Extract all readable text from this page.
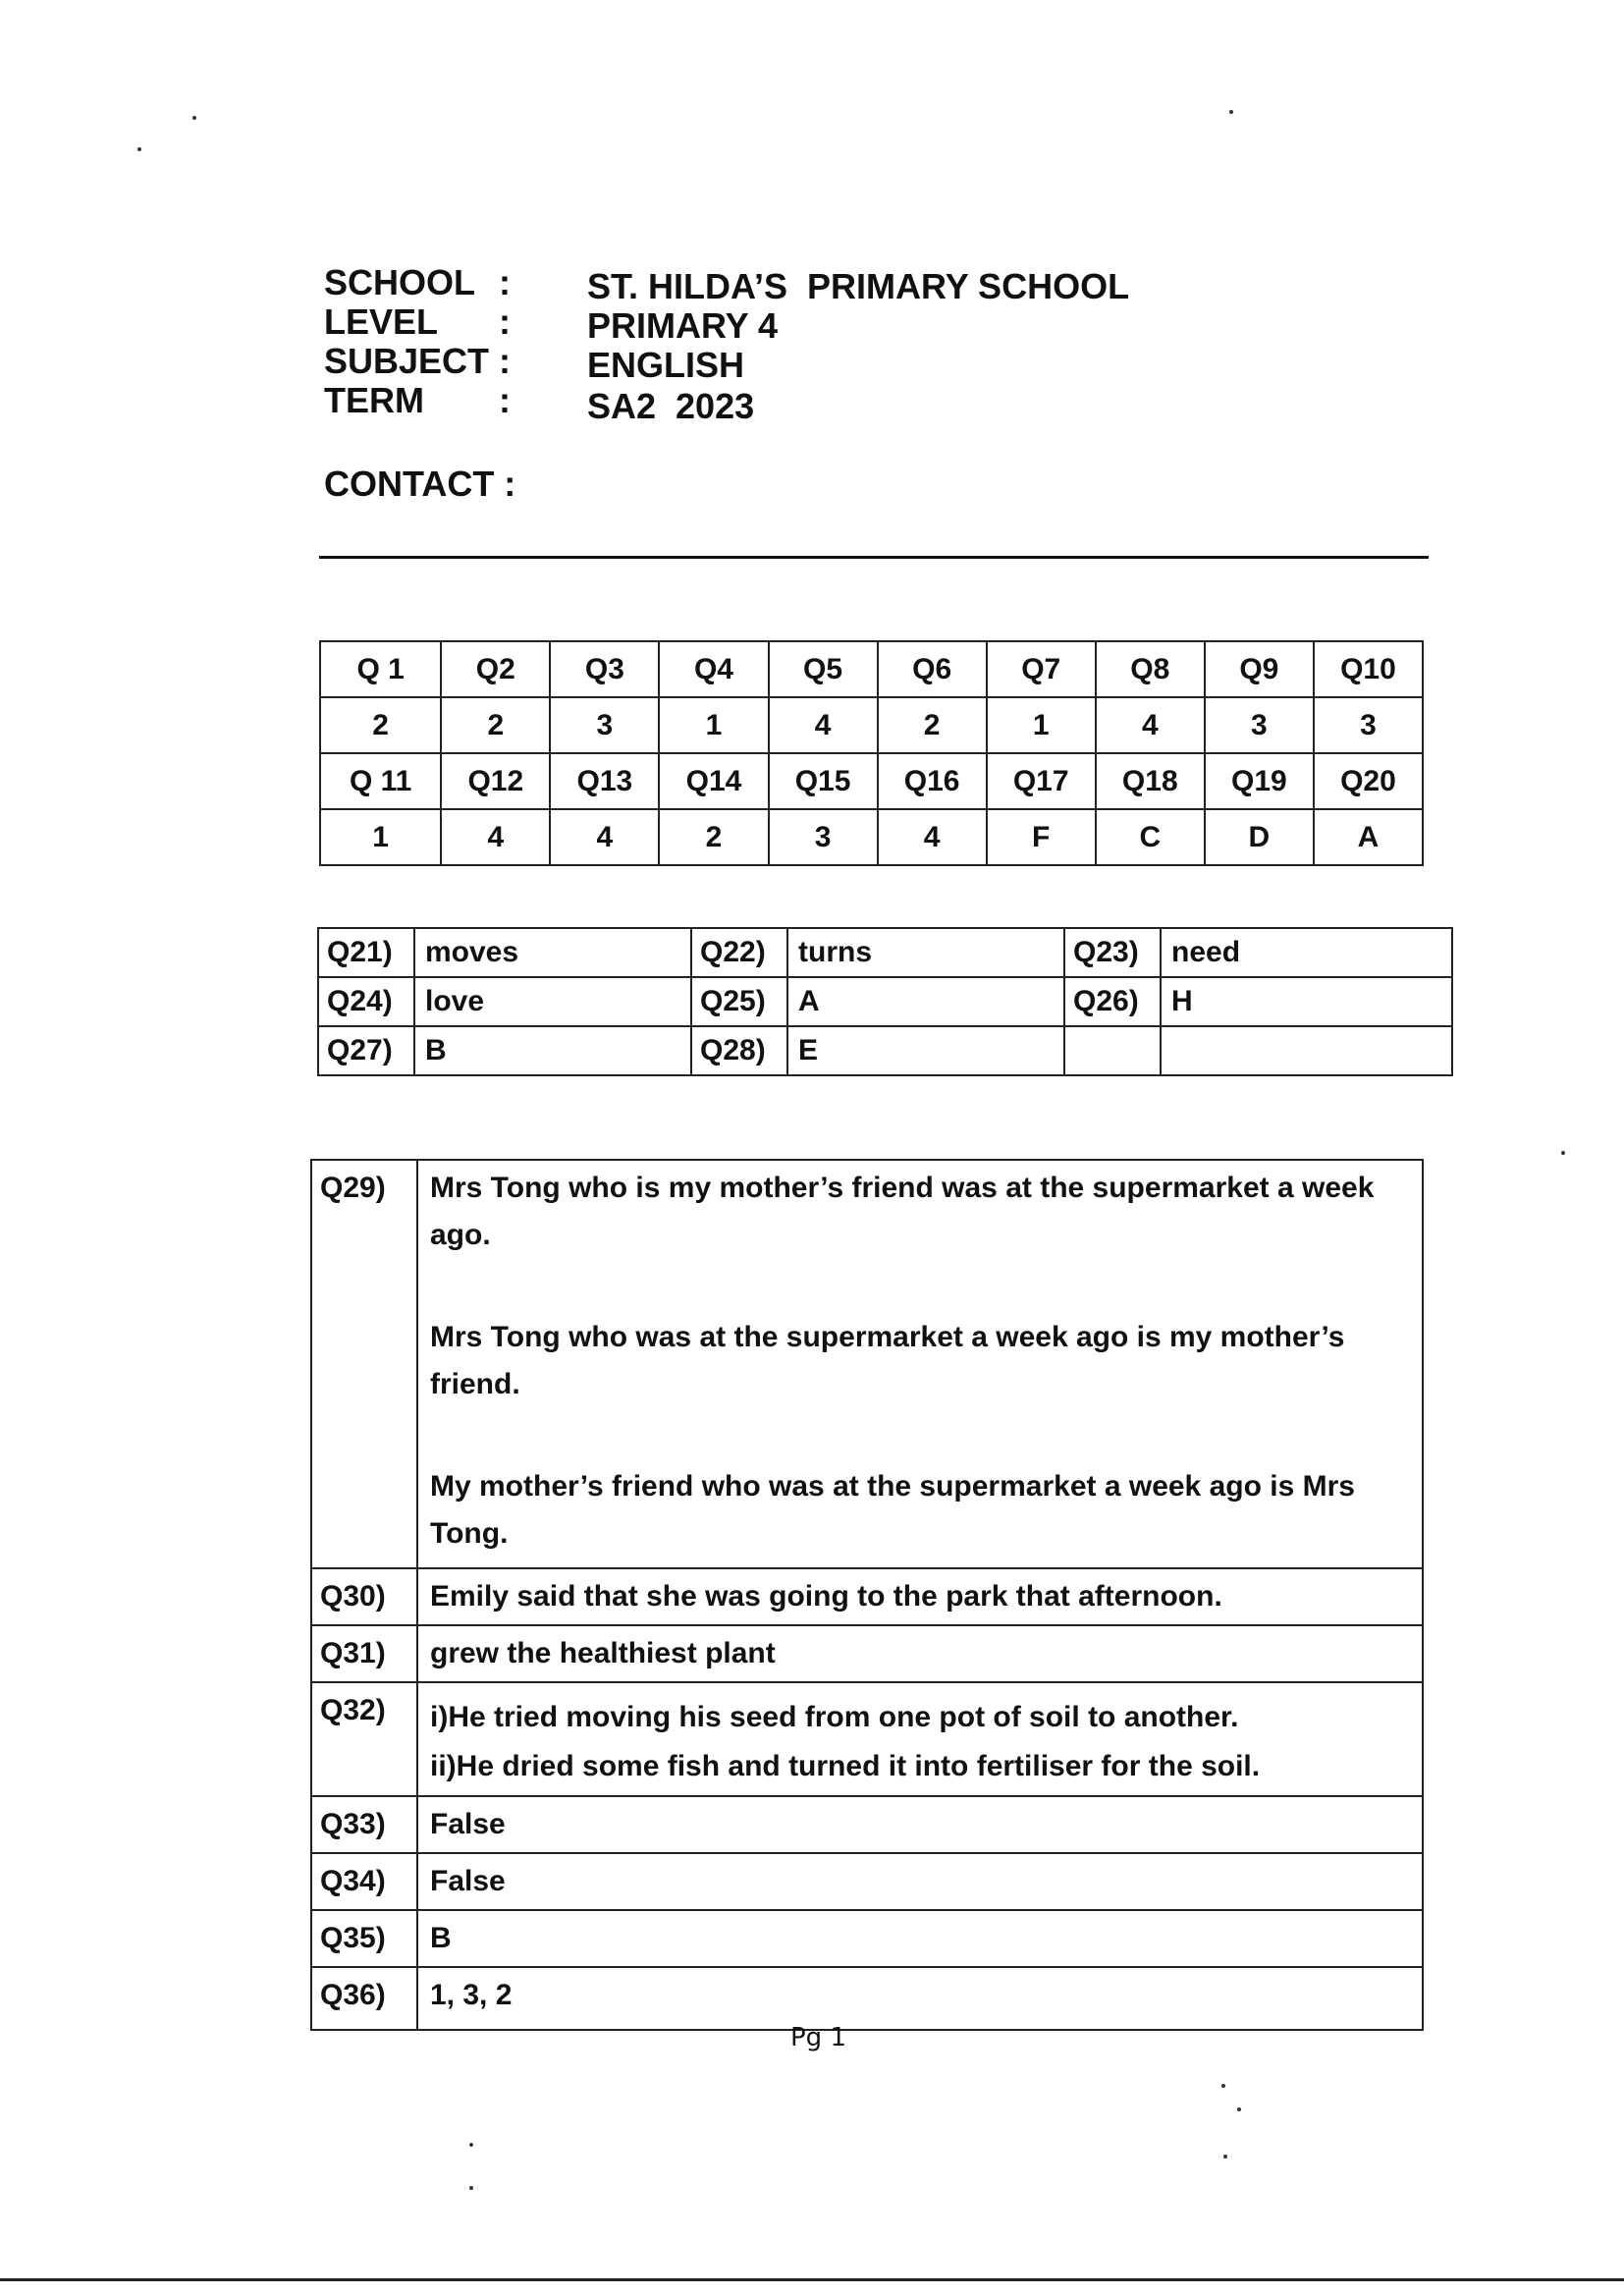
SCHOOL : ST. HILDA’S  PRIMARY SCHOOL
LEVEL : PRIMARY 4
SUBJECT : ENGLISH
TERM : SA2  2023
CONTACT :
Q 1	Q2	Q3	Q4	Q5	Q6	Q7	Q8	Q9	Q10
2	2	3	1	4	2	1	4	3	3
Q 11	Q12	Q13	Q14	Q15	Q16	Q17	Q18	Q19	Q20
1	4	4	2	3	4	F	C	D	A
Q21)	moves	Q22)	turns	Q23)	need
Q24)	love	Q25)	A	Q26)	H
Q27)	B	Q28)	E		
Q29)	Mrs Tong who is my mother’s friend was at the supermarket a week ago.

Mrs Tong who was at the supermarket a week ago is my mother’s friend.

My mother’s friend who was at the supermarket a week ago is Mrs Tong.

Q30)	Emily said that she was going to the park that afternoon.
Q31)	grew the healthiest plant
Q32)	i)He tried moving his seed from one pot of soil to another.
ii)He dried some fish and turned it into fertiliser for the soil.

Q33)	False
Q34)	False
Q35)	B
Q36)	1, 3, 2
Pg 1
